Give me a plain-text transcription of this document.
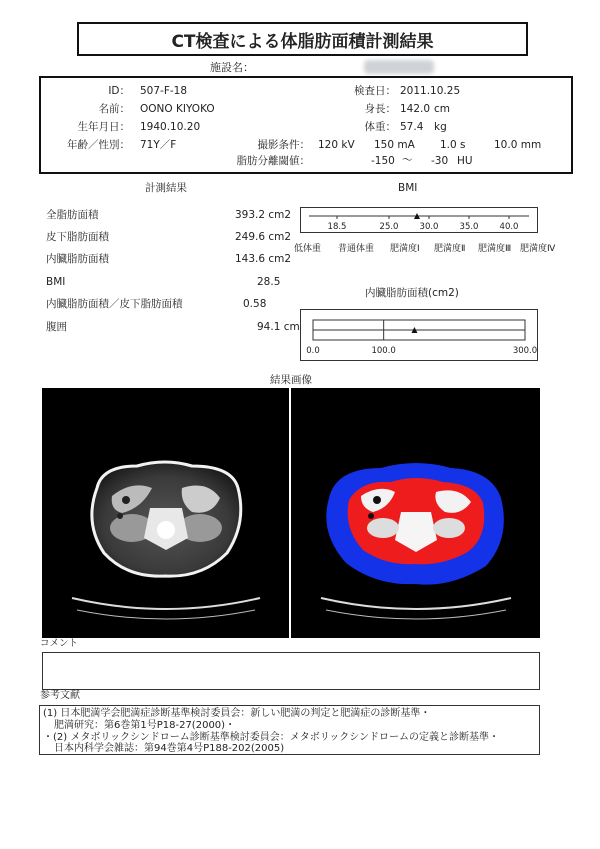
CT検査による体脂肪面積計測結果
施設名：
ID： 507-F-18
名前： OONO KIYOKO
生年月日： 1940.10.20
年齢／性別： 71Y／F
検査日： 2011.10.25
身長： 142.0 cm
体重： 57.4 kg
撮影条件： 120 kV 150 mA 1.0 s	10.0 mm
脂肪分離閾値：	-150 〜 -30 HU
計測結果
全脂肪面積	393.2 cm2
皮下脂肪面積	249.6 cm2
内臓脂肪面積	143.6 cm2
BMI	28.5
内臓脂肪面積／皮下脂肪面積	0.58
腹囲	94.1 cm
BMI
18.5	25.0 30.0 35.0 40.0
低体重 普通体重 肥満度Ⅰ 肥満度Ⅱ 肥満度Ⅲ 肥満度Ⅳ
内臓脂肪面積(cm2)
0.0	100.0	300.0
結果画像
コメント
参考文献
(1) 日本肥満学会肥満症診断基準検討委員会：新しい肥満の判定と肥満症の診断基準・
肥満研究：第6巻第1号P18-27(2000)・
・(2) メタボリックシンドローム診断基準検討委員会：メタボリックシンドロームの定義と診断基準・
日本内科学会雑誌：第94巻第4号P188-202(2005)
